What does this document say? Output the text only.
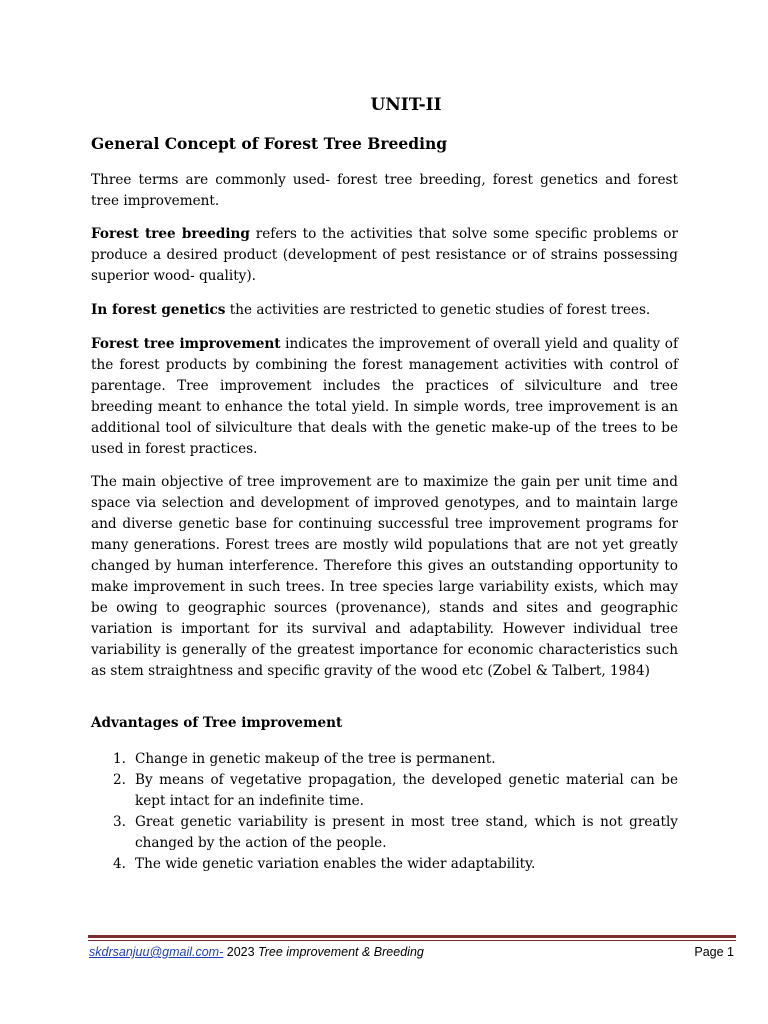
UNIT-II
General Concept of Forest Tree Breeding

Three terms are commonly used- forest tree breeding, forest genetics and forest tree improvement.

Forest tree breeding refers to the activities that solve some specific problems or produce a desired product (development of pest resistance or of strains possessing superior wood- quality).

In forest genetics the activities are restricted to genetic studies of forest trees.

Forest tree improvement indicates the improvement of overall yield and quality of the forest products by combining the forest management activities with control of parentage. Tree improvement includes the practices of silviculture and tree breeding meant to enhance the total yield. In simple words, tree improvement is an additional tool of silviculture that deals with the genetic make-up of the trees to be used in forest practices.

The main objective of tree improvement are to maximize the gain per unit time and space via selection and development of improved genotypes, and to maintain large and diverse genetic base for continuing successful tree improvement programs for many generations. Forest trees are mostly wild populations that are not yet greatly changed by human interference. Therefore this gives an outstanding opportunity to make improvement in such trees. In tree species large variability exists, which may be owing to geographic sources (provenance), stands and sites and geographic variation is important for its survival and adaptability. However individual tree variability is generally of the greatest importance for economic characteristics such as stem straightness and specific gravity of the wood etc (Zobel & Talbert, 1984)

Advantages of Tree improvement
1. Change in genetic makeup of the tree is permanent.
2. By means of vegetative propagation, the developed genetic material can be kept intact for an indefinite time.
3. Great genetic variability is present in most tree stand, which is not greatly changed by the action of the people.
4. The wide genetic variation enables the wider adaptability.
skdrsanjuu@gmail.com- 2023 Tree improvement & Breeding	Page 1
